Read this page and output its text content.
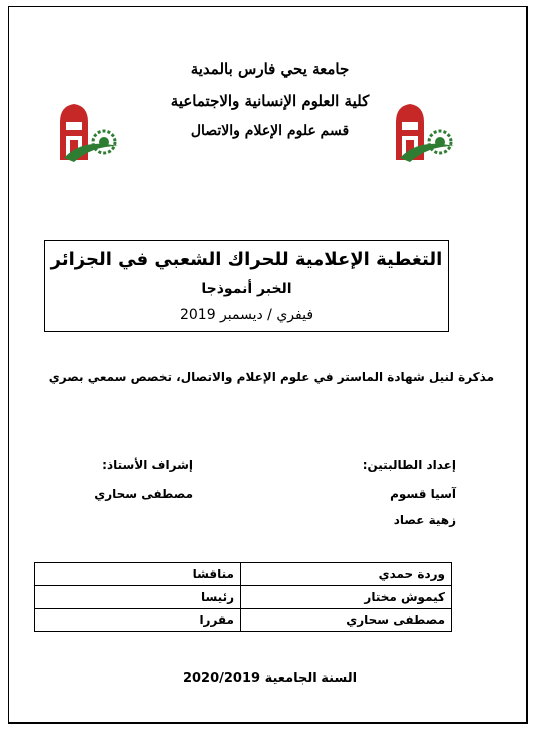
جامعة يحي فارس بالمدية
كلية العلوم الإنسانية والاجتماعية
قسم علوم الإعلام والاتصال
التغطية الإعلامية للحراك الشعبي في الجزائر
الخبر أنموذجا
فيفري / ديسمبر 2019
مذكرة لنيل شهادة الماستر في علوم الإعلام والاتصال، تخصص سمعي بصري
إعداد الطالبتين:
آسيا قسوم
زهية عصاد
إشراف الأستاذ:
مصطفى سحاري
وردة حمدي	مناقشا
كيموش مختار	رئيسا
مصطفى سحاري	مقررا
السنة الجامعية 2020/2019
